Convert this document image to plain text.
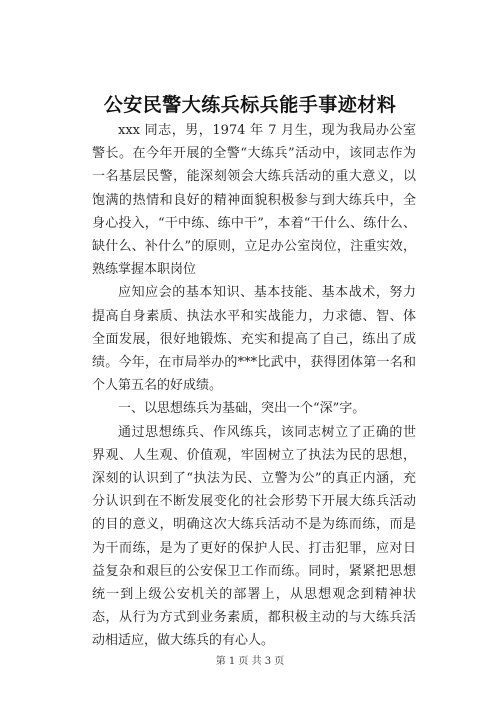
公安民警大练兵标兵能手事迹材料

xxx 同志，男，1974 年 7 月生，现为我局办公室警长。在今年开展的全警“大练兵”活动中，该同志作为一名基层民警，能深刻领会大练兵活动的重大意义，以饱满的热情和良好的精神面貌积极参与到大练兵中，全身心投入，“干中练、练中干”，本着“干什么、练什么、缺什么、补什么”的原则，立足办公室岗位，注重实效，熟练掌握本职岗位

应知应会的基本知识、基本技能、基本战术，努力提高自身素质、执法水平和实战能力，力求德、智、体全面发展，很好地锻炼、充实和提高了自己，练出了成绩。今年，在市局举办的***比武中，获得团体第一名和个人第五名的好成绩。

一、以思想练兵为基础，突出一个“深”字。

通过思想练兵、作风练兵，该同志树立了正确的世界观、人生观、价值观，牢固树立了执法为民的思想，深刻的认识到了“执法为民、立警为公”的真正内涵，充分认识到在不断发展变化的社会形势下开展大练兵活动的目的意义，明确这次大练兵活动不是为练而练，而是为干而练，是为了更好的保护人民、打击犯罪，应对日益复杂和艰巨的公安保卫工作而练。同时，紧紧把思想统一到上级公安机关的部署上，从思想观念到精神状态，从行为方式到业务素质，都积极主动的与大练兵活动相适应，做大练兵的有心人。

第 1 页 共 3 页
